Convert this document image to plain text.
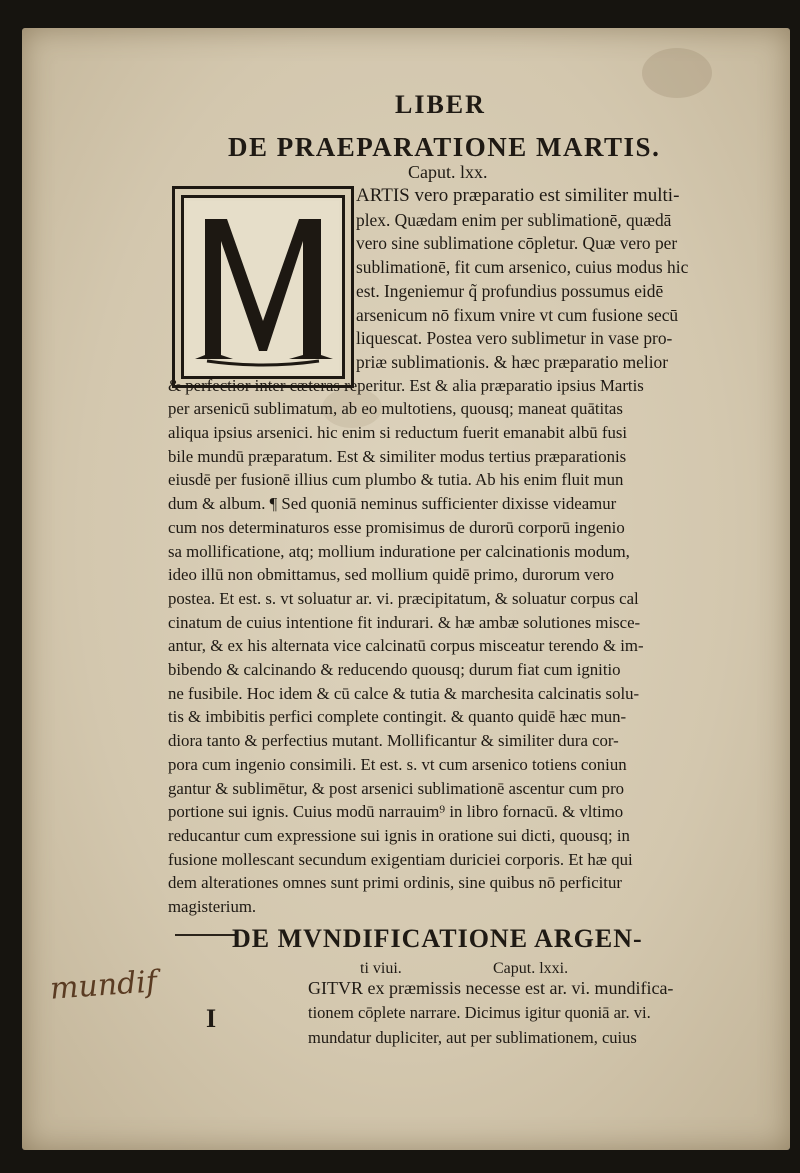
LIBER
DE PRAEPARATIONE MARTIS.
Caput. lxx.
ARTIS vero præparatio est similiter multi-
plex. Quædam enim per sublimationē, quædā
vero sine sublimatione cōpletur. Quæ vero per
sublimationē, fit cum arsenico, cuius modus hic
est. Ingeniemur q̃ profundius possumus eidē
arsenicum nō fixum vnire vt cum fusione secū
liquescat. Postea vero sublimetur in vase pro-
priæ sublimationis. & hæc præparatio melior
& perfectior inter cæteras reperitur. Est & alia præparatio ipsius Martis
per arsenicū sublimatum, ab eo multotiens, quousq; maneat quātitas
aliqua ipsius arsenici. hic enim si reductum fuerit emanabit albū fusi
bile mundū præparatum. Est & similiter modus tertius præparationis
eiusdē per fusionē illius cum plumbo & tutia. Ab his enim fluit mun
dum & album. ¶ Sed quoniā neminus sufficienter dixisse videamur
cum nos determinaturos esse promisimus de durorū corporū ingenio
sa mollificatione, atq; mollium induratione per calcinationis modum,
ideo illū non obmittamus, sed mollium quidē primo, durorum vero
postea. Et est. s. vt soluatur ar. vi. præcipitatum, & soluatur corpus cal
cinatum de cuius intentione fit indurari. & hæ ambæ solutiones misce-
antur, & ex his alternata vice calcinatū corpus misceatur terendo & im-
bibendo & calcinando & reducendo quousq; durum fiat cum ignitio
ne fusibile. Hoc idem & cū calce & tutia & marchesita calcinatis solu-
tis & imbibitis perfici complete contingit. & quanto quidē hæc mun-
diora tanto & perfectius mutant. Mollificantur & similiter dura cor-
pora cum ingenio consimili. Et est. s. vt cum arsenico totiens coniun
gantur & sublimētur, & post arsenici sublimationē ascentur cum pro
portione sui ignis. Cuius modū narrauim⁹ in libro fornacū. & vltimo
reducantur cum expressione sui ignis in oratione sui dicti, quousq; in
fusione mollescant secundum exigentiam duriciei corporis. Et hæ qui
dem alterationes omnes sunt primi ordinis, sine quibus nō perficitur
magisterium.
DE MVNDIFICATIONE ARGEN-
ti viui.	Caput. lxxi.
GITVR ex præmissis necesse est ar. vi. mundifica-
tionem cōplete narrare. Dicimus igitur quoniā ar. vi.
mundatur dupliciter, aut per sublimationem, cuius
mundif
I
